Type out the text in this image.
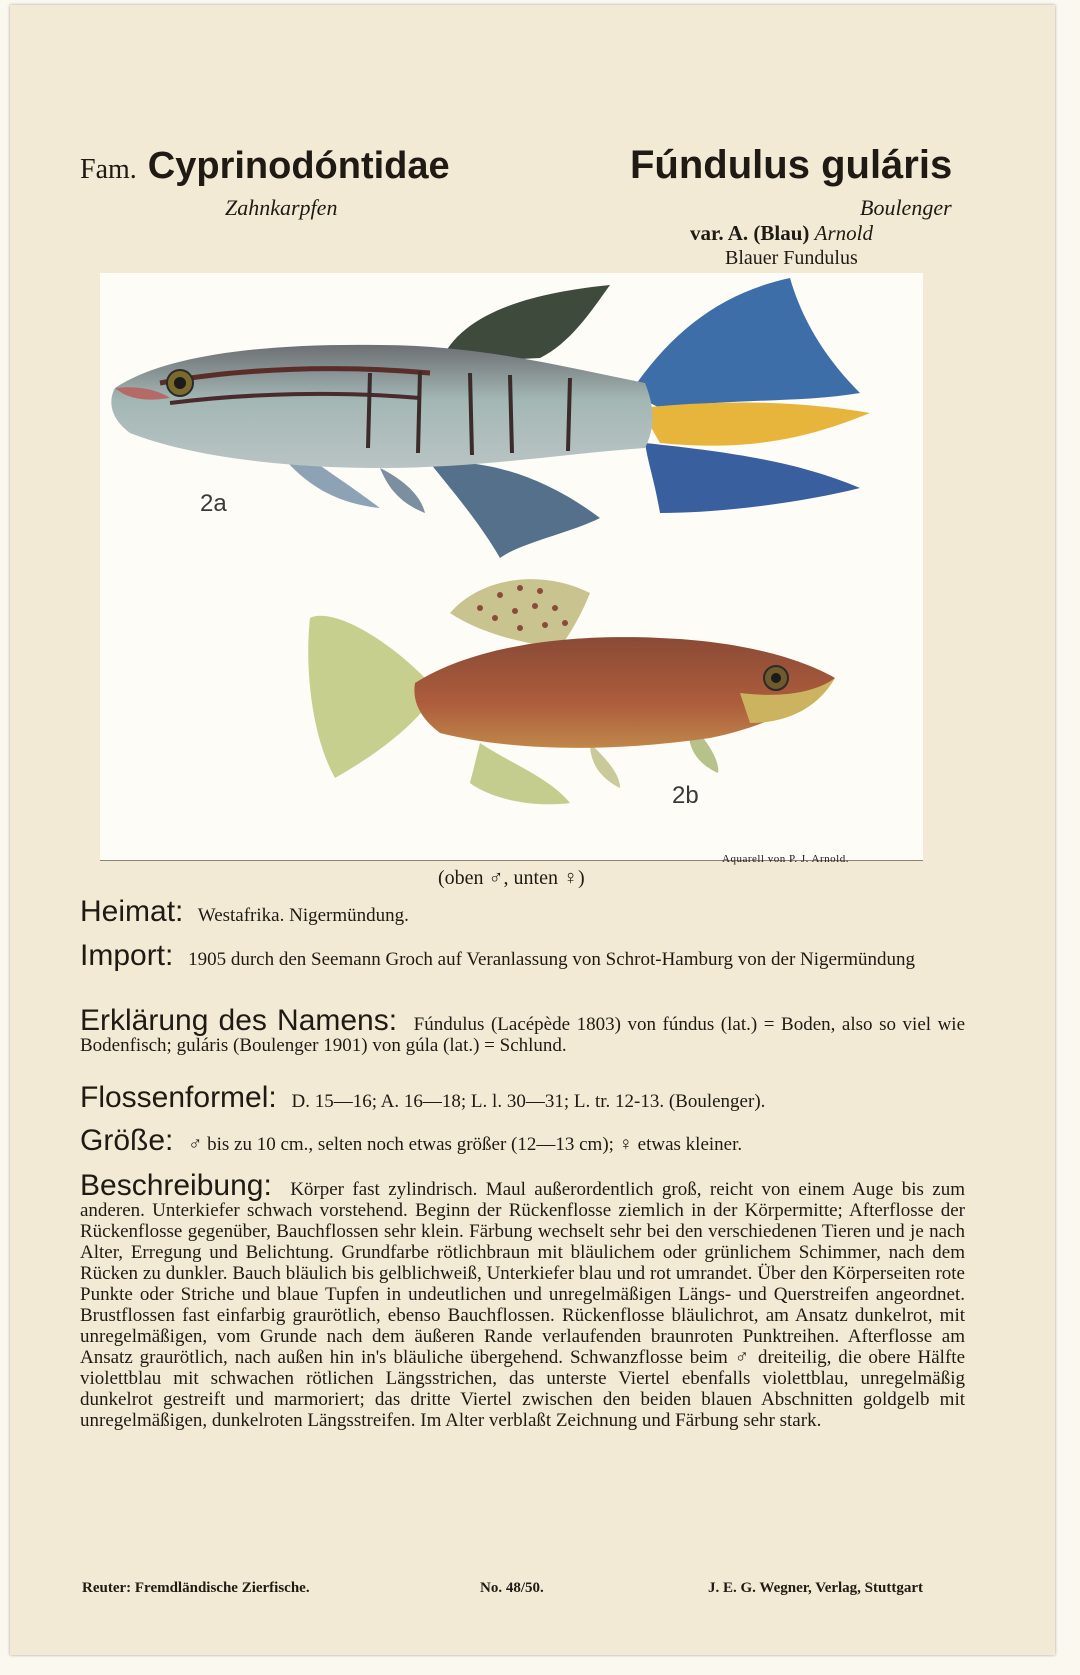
Fam. Cyprinodóntidae
Zahnkarpfen
Fúndulus guláris
Boulenger
var. A. (Blau) Arnold
Blauer Fundulus
2a
2b
Aquarell von P. J. Arnold.
(oben ♂, unten ♀)
Heimat: Westafrika. Nigermündung.
Import: 1905 durch den Seemann Groch auf Veranlassung von Schrot-Hamburg von der Nigermündung
Erklärung des Namens: Fúndulus (Lacépède 1803) von fúndus (lat.) = Boden, also so viel wie Bodenfisch; guláris (Boulenger 1901) von gúla (lat.) = Schlund.
Flossenformel: D. 15—16; A. 16—18; L. l. 30—31; L. tr. 12-13. (Boulenger).
Größe: ♂ bis zu 10 cm., selten noch etwas größer (12—13 cm); ♀ etwas kleiner.
Beschreibung: Körper fast zylindrisch. Maul außerordentlich groß, reicht von einem Auge bis zum anderen. Unterkiefer schwach vorstehend. Beginn der Rückenflosse ziemlich in der Körpermitte; Afterflosse der Rückenflosse gegenüber, Bauchflossen sehr klein. Färbung wechselt sehr bei den verschiedenen Tieren und je nach Alter, Erregung und Belichtung. Grundfarbe rötlichbraun mit bläulichem oder grünlichem Schimmer, nach dem Rücken zu dunkler. Bauch bläulich bis gelblichweiß, Unterkiefer blau und rot umrandet. Über den Körperseiten rote Punkte oder Striche und blaue Tupfen in undeutlichen und unregelmäßigen Längs- und Querstreifen angeordnet. Brustflossen fast einfarbig graurötlich, ebenso Bauchflossen. Rückenflosse bläulichrot, am Ansatz dunkelrot, mit unregelmäßigen, vom Grunde nach dem äußeren Rande verlaufenden braunroten Punktreihen. Afterflosse am Ansatz graurötlich, nach außen hin in's bläuliche übergehend. Schwanzflosse beim ♂ dreiteilig, die obere Hälfte violettblau mit schwachen rötlichen Längsstrichen, das unterste Viertel ebenfalls violettblau, unregelmäßig dunkelrot gestreift und marmoriert; das dritte Viertel zwischen den beiden blauen Abschnitten goldgelb mit unregelmäßigen, dunkelroten Längsstreifen. Im Alter verblaßt Zeichnung und Färbung sehr stark.
Reuter: Fremdländische Zierfische.	No. 48/50.	J. E. G. Wegner, Verlag, Stuttgart
